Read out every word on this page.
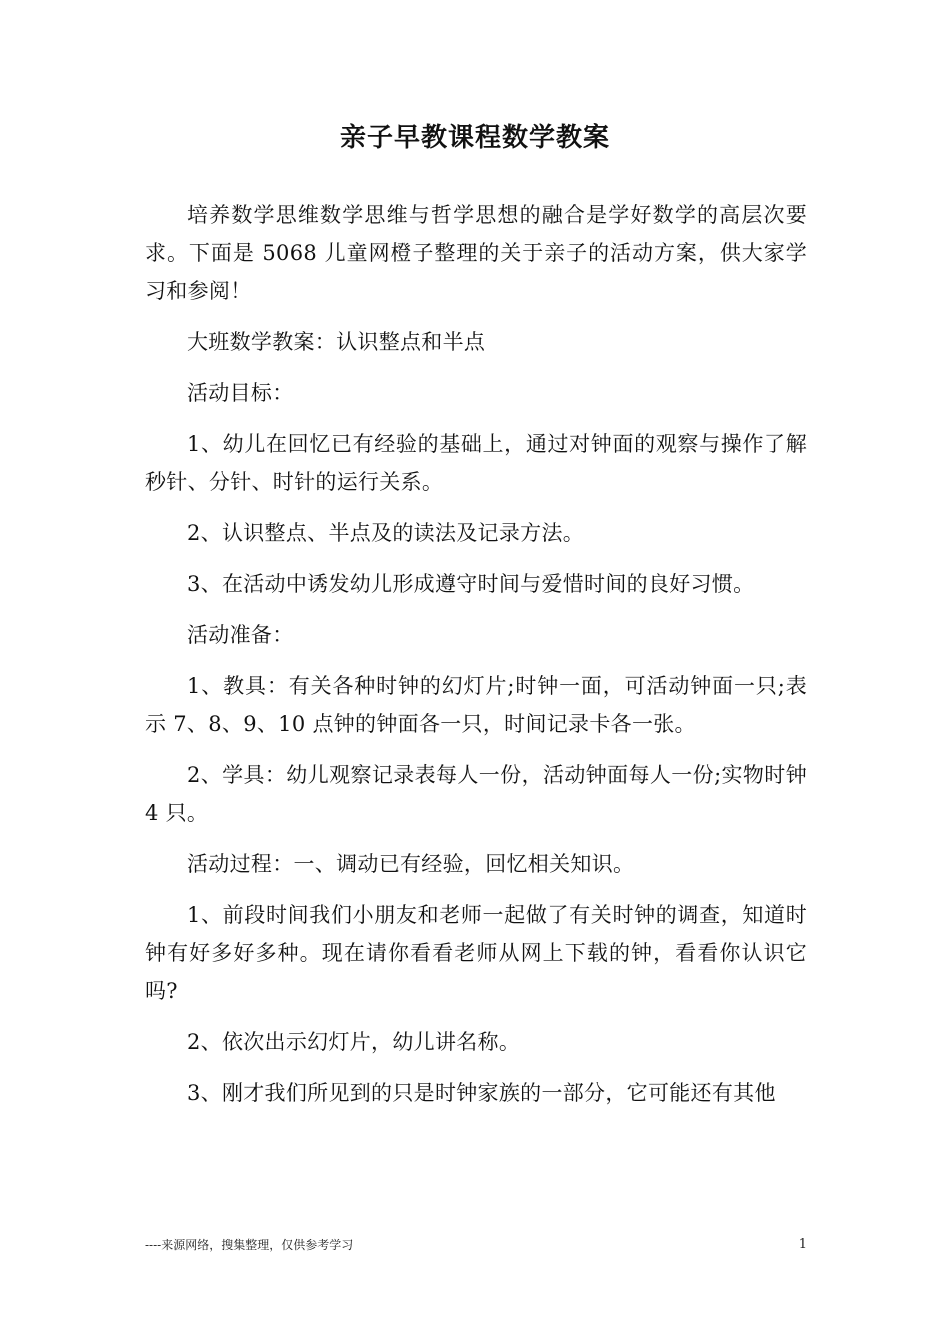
亲子早教课程数学教案

培养数学思维数学思维与哲学思想的融合是学好数学的高层次要求。下面是 5068 儿童网橙子整理的关于亲子的活动方案，供大家学习和参阅！

大班数学教案：认识整点和半点

活动目标：

1、幼儿在回忆已有经验的基础上，通过对钟面的观察与操作了解秒针、分针、时针的运行关系。

2、认识整点、半点及的读法及记录方法。

3、在活动中诱发幼儿形成遵守时间与爱惜时间的良好习惯。

活动准备：

1、教具：有关各种时钟的幻灯片;时钟一面，可活动钟面一只;表示 7、8、9、10 点钟的钟面各一只，时间记录卡各一张。

2、学具：幼儿观察记录表每人一份，活动钟面每人一份;实物时钟 4 只。

活动过程：一、调动已有经验，回忆相关知识。

1、前段时间我们小朋友和老师一起做了有关时钟的调查，知道时钟有好多好多种。现在请你看看老师从网上下载的钟，看看你认识它吗?

2、依次出示幻灯片，幼儿讲名称。

3、刚才我们所见到的只是时钟家族的一部分，它可能还有其他

----来源网络，搜集整理，仅供参考学习	1
